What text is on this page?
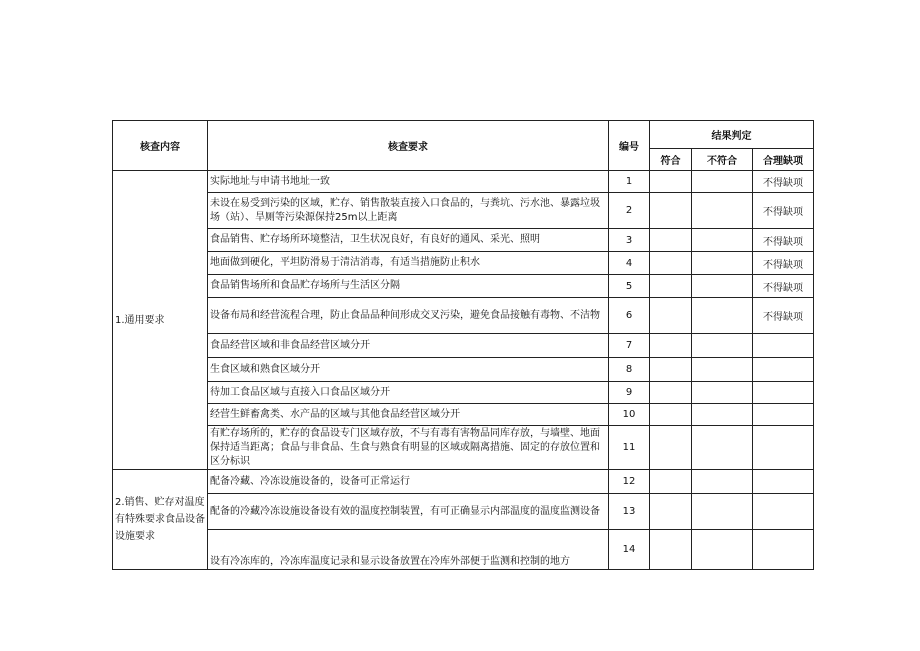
核查内容	核查要求	编号	结果判定		
			符合	不符合	合理缺项
1.通用要求	实际地址与申请书地址一致	1			不得缺项
	未设在易受到污染的区域，贮存、销售散装直接入口食品的，与粪坑、污水池、暴露垃圾场（站）、旱厕等污染源保持25m以上距离	2			不得缺项
	食品销售、贮存场所环境整洁，卫生状况良好，有良好的通风、采光、照明	3			不得缺项
	地面做到硬化，平坦防滑易于清洁消毒，有适当措施防止积水	4			不得缺项
	食品销售场所和食品贮存场所与生活区分隔	5			不得缺项
	设备布局和经营流程合理，防止食品品种间形成交叉污染，避免食品接触有毒物、不洁物	6			不得缺项
	食品经营区域和非食品经营区域分开	7			
	生食区域和熟食区域分开	8			
	待加工食品区域与直接入口食品区域分开	9			
	经营生鲜畜禽类、水产品的区域与其他食品经营区域分开	10			
	有贮存场所的，贮存的食品设专门区域存放，不与有毒有害物品同库存放，与墙壁、地面保持适当距离；食品与非食品、生食与熟食有明显的区域或隔离措施、固定的存放位置和区分标识	11			
2.销售、贮存对温度有特殊要求食品设备设施要求	配备冷藏、冷冻设施设备的，设备可正常运行	12			
	配备的冷藏冷冻设施设备设有效的温度控制装置，有可正确显示内部温度的温度监测设备	13			
	设有冷冻库的，冷冻库温度记录和显示设备放置在冷库外部便于监测和控制的地方	14			
